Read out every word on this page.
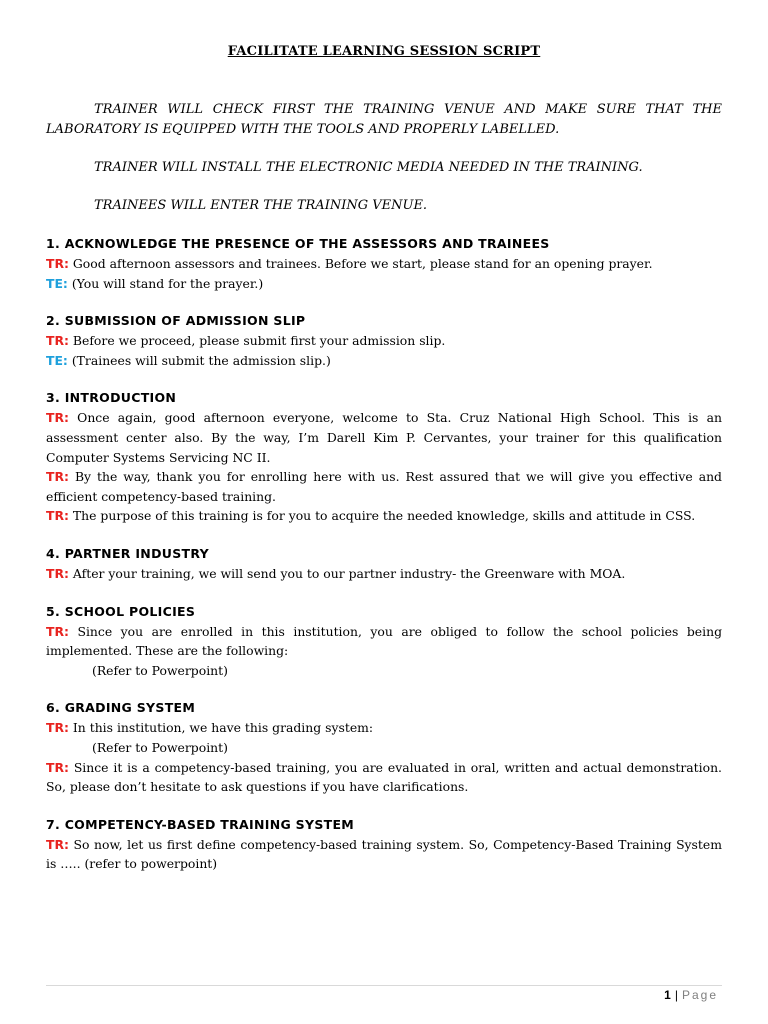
FACILITATE LEARNING SESSION SCRIPT

TRAINER WILL CHECK FIRST THE TRAINING VENUE AND MAKE SURE THAT THE LABORATORY IS EQUIPPED WITH THE TOOLS AND PROPERLY LABELLED.

TRAINER WILL INSTALL THE ELECTRONIC MEDIA NEEDED IN THE TRAINING.

TRAINEES WILL ENTER THE TRAINING VENUE.

1. ACKNOWLEDGE THE PRESENCE OF THE ASSESSORS AND TRAINEES
TR: Good afternoon assessors and trainees. Before we start, please stand for an opening prayer.
TE: (You will stand for the prayer.)
2. SUBMISSION OF ADMISSION SLIP
TR: Before we proceed, please submit first your admission slip.
TE: (Trainees will submit the admission slip.)
3. INTRODUCTION
TR: Once again, good afternoon everyone, welcome to Sta. Cruz National High School. This is an assessment center also. By the way, I’m Darell Kim P. Cervantes, your trainer for this qualification Computer Systems Servicing NC II.
TR: By the way, thank you for enrolling here with us. Rest assured that we will give you effective and efficient competency-based training.
TR: The purpose of this training is for you to acquire the needed knowledge, skills and attitude in CSS.
4. PARTNER INDUSTRY
TR: After your training, we will send you to our partner industry- the Greenware with MOA.
5. SCHOOL POLICIES
TR: Since you are enrolled in this institution, you are obliged to follow the school policies being implemented. These are the following:
(Refer to Powerpoint)
6. GRADING SYSTEM
TR: In this institution, we have this grading system:
(Refer to Powerpoint)
TR: Since it is a competency-based training, you are evaluated in oral, written and actual demonstration. So, please don’t hesitate to ask questions if you have clarifications.
7. COMPETENCY-BASED TRAINING SYSTEM
TR: So now, let us first define competency-based training system. So, Competency-Based Training System is ….. (refer to powerpoint)
1 | Page
